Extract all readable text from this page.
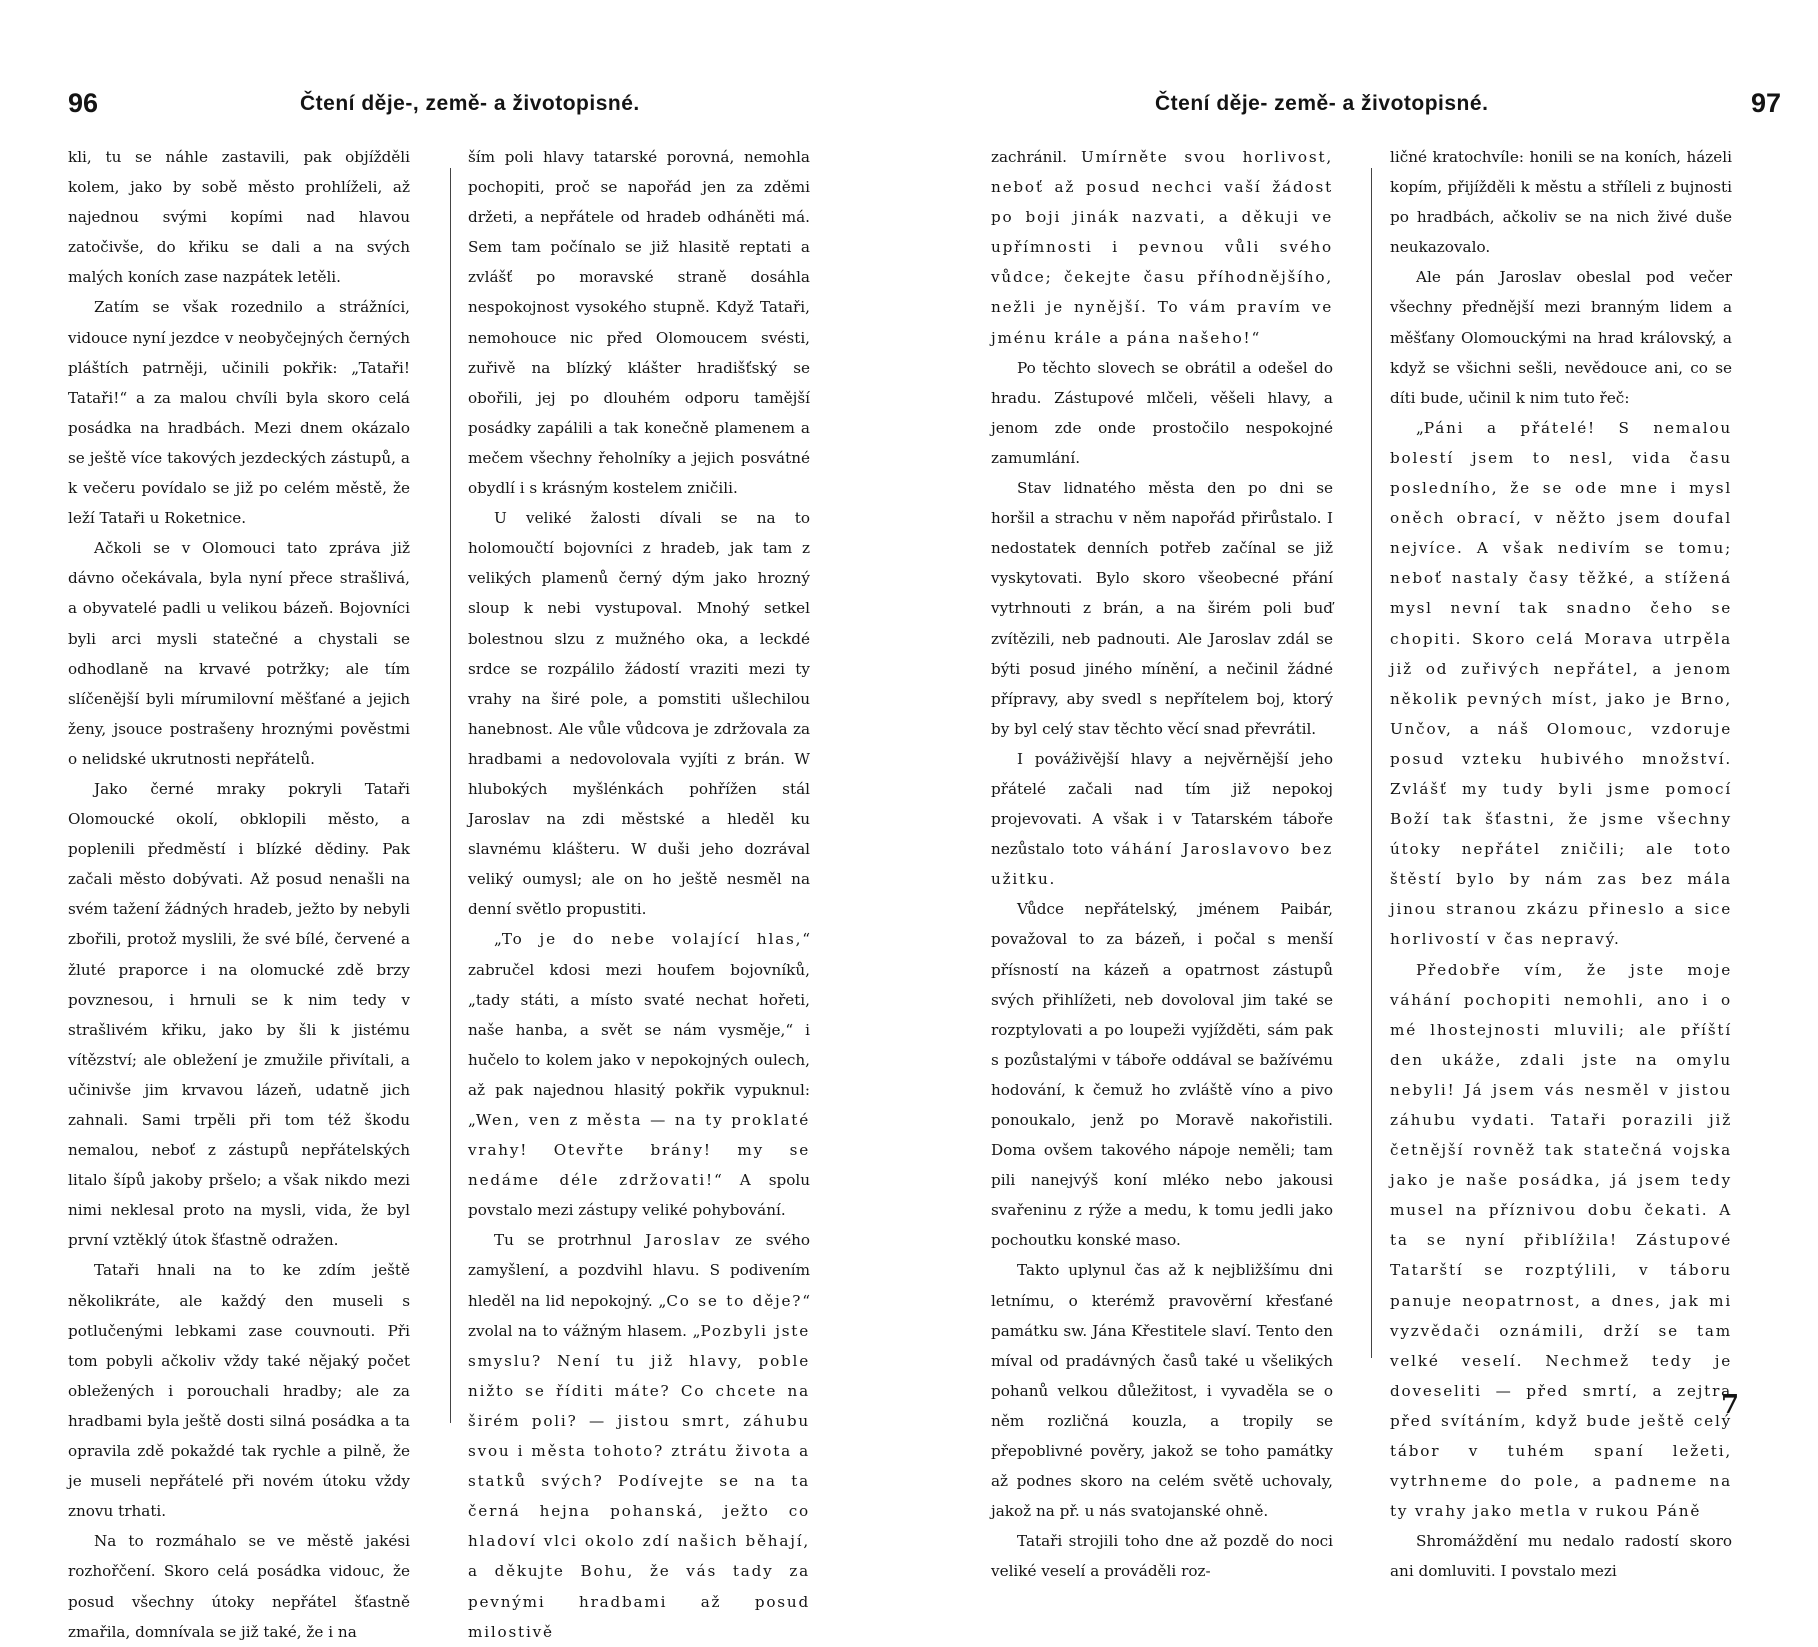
96	Čtení děje-, země- a životopisné.

kli, tu se náhle zastavili, pak objížděli kolem, jako by sobě město prohlíželi, až najednou svými kopími nad hlavou zatočivše, do křiku se dali a na svých malých koních zase nazpátek letěli.

Zatím se však rozednilo a strážníci, vidouce nyní jezdce v neobyčejných černých pláštích patrněji, učinili pokřik: „Tataři! Tataři!“ a za malou chvíli byla skoro celá posádka na hradbách. Mezi dnem okázalo se ještě více takových jezdeckých zástupů, a k večeru povídalo se již po celém městě, že leží Tataři u Roketnice.

Ačkoli se v Olomouci tato zpráva již dávno očekávala, byla nyní přece strašlivá, a obyvatelé padli u velikou bázeň. Bojovníci byli arci mysli statečné a chystali se odhodlaně na krvavé potržky; ale tím slíčenější byli mírumilovní měšťané a jejich ženy, jsouce postrašeny hroznými pověstmi o nelidské ukrutnosti nepřátelů.

Jako černé mraky pokryli Tataři Olomoucké okolí, obklopili město, a poplenili předměstí i blízké dědiny. Pak začali město dobývati. Až posud nenašli na svém tažení žádných hradeb, ježto by nebyli zbořili, protož myslili, že své bílé, červené a žluté praporce i na olomucké zdě brzy povznesou, i hrnuli se k nim tedy v strašlivém křiku, jako by šli k jistému vítězství; ale obležení je zmužile přivítali, a učinivše jim krvavou lázeň, udatně jich zahnali. Sami trpěli při tom též škodu nemalou, neboť z zástupů nepřátelských litalo šípů jakoby pršelo; a však nikdo mezi nimi neklesal proto na mysli, vida, že byl první vztěklý útok šťastně odražen.

Tataři hnali na to ke zdím ještě několikráte, ale každý den museli s potlučenými lebkami zase couvnouti. Při tom pobyli ačkoliv vždy také nějaký počet obležených i porouchali hradby; ale za hradbami byla ještě dosti silná posádka a ta opravila zdě pokaždé tak rychle a pilně, že je museli nepřátelé při novém útoku vždy znovu trhati.

Na to rozmáhalo se ve městě jakési rozhořčení. Skoro celá posádka vidouc, že posud všechny útoky nepřátel šťastně zmařila, domnívala se již také, že i na

ším poli hlavy tatarské porovná, nemohla pochopiti, proč se napořád jen za zděmi držeti, a nepřátele od hradeb odháněti má. Sem tam počínalo se již hlasitě reptati a zvlášť po moravské straně dosáhla nespokojnost vysokého stupně. Když Tataři, nemohouce nic před Olomoucem svésti, zuřivě na blízký klášter hradišťský se obořili, jej po dlouhém odporu tamější posádky zapálili a tak konečně plamenem a mečem všechny řeholníky a jejich posvátné obydlí i s krásným kostelem zničili.

U veliké žalosti dívali se na to holomoučtí bojovníci z hradeb, jak tam z velikých plamenů černý dým jako hrozný sloup k nebi vystupoval. Mnohý setkel bolestnou slzu z mužného oka, a leckdé srdce se rozpálilo žádostí vraziti mezi ty vrahy na širé pole, a pomstiti ušlechilou hanebnost. Ale vůle vůdcova je zdržovala za hradbami a nedovolovala vyjíti z brán. W hlubokých myšlénkách pohřížen stál Jaroslav na zdi městské a hleděl ku slavnému klášteru. W duši jeho dozrával veliký oumysl; ale on ho ještě nesměl na denní světlo propustiti.

„To je do nebe volající hlas,“ zabručel kdosi mezi houfem bojovníků, „tady státi, a místo svaté nechat hořeti, naše hanba, a svět se nám vysměje,“ i hučelo to kolem jako v nepokojných oulech, až pak najednou hlasitý pokřik vypuknul: „Wen, ven z města — na ty proklaté vrahy! Otevřte brány! my se nedáme déle zdržovati!“ A spolu povstalo mezi zástupy veliké pohybování.

Tu se protrhnul Jaroslav ze svého zamyšlení, a pozdvihl hlavu. S podivením hleděl na lid nepokojný. „Co se to děje?“ zvolal na to vážným hlasem. „Pozbyli jste smyslu? Není tu již hlavy, poble nižto se říditi máte? Co chcete na širém poli? — jistou smrt, záhubu svou i města tohoto? ztrátu života a statků svých? Podívejte se na ta černá hejna pohanská, ježto co hladoví vlci okolo zdí našich běhají, a děkujte Bohu, že vás tady za pevnými hradbami až posud milostivě

Čtení děje- země- a životopisné.	97

zachránil. Umírněte svou horlivost, neboť až posud nechci vaší žádost po boji jinák nazvati, a děkuji ve upřímnosti i pevnou vůli svého vůdce; čekejte času příhodnějšího, nežli je nynější. To vám pravím ve jménu krále a pána našeho!“

Po těchto slovech se obrátil a odešel do hradu. Zástupové mlčeli, věšeli hlavy, a jenom zde onde prostočilo nespokojné zamumlání.

Stav lidnatého města den po dni se horšil a strachu v něm napořád přirůstalo. I nedostatek denních potřeb začínal se již vyskytovati. Bylo skoro všeobecné přání vytrhnouti z brán, a na širém poli buď zvítězili, neb padnouti. Ale Jaroslav zdál se býti posud jiného mínění, a nečinil žádné přípravy, aby svedl s nepřítelem boj, ktorý by byl celý stav těchto věcí snad převrátil.

I pováživější hlavy a nejvěrnější jeho přátelé začali nad tím již nepokoj projevovati. A však i v Tatarském táboře nezůstalo toto váhání Jaroslavovo bez užitku.

Vůdce nepřátelský, jménem Paibár, považoval to za bázeň, i počal s menší přísností na kázeň a opatrnost zástupů svých přihlížeti, neb dovoloval jim také se rozptylovati a po loupeži vyjížděti, sám pak s pozůstalými v táboře oddával se bažívému hodování, k čemuž ho zvláště víno a pivo ponoukalo, jenž po Moravě nakořistili. Doma ovšem takového nápoje neměli; tam pili nanejvýš koní mléko nebo jakousi svařeninu z rýže a medu, k tomu jedli jako pochoutku konské maso.

Takto uplynul čas až k nejbližšímu dni letnímu, o kterémž pravověrní křesťané památku sw. Jána Křestitele slaví. Tento den míval od pradávných časů také u všelikých pohanů velkou důležitost, i vyvaděla se o něm rozličná kouzla, a tropily se přepoblivné pověry, jakož se toho památky až podnes skoro na celém světě uchovaly, jakož na př. u nás svatojanské ohně.

Tataři strojili toho dne až pozdě do noci veliké veselí a prováděli roz-

ličné kratochvíle: honili se na koních, házeli kopím, přijížděli k městu a stříleli z bujnosti po hradbách, ačkoliv se na nich živé duše neukazovalo.

Ale pán Jaroslav obeslal pod večer všechny přednější mezi branným lidem a měšťany Olomouckými na hrad královský, a když se všichni sešli, nevědouce ani, co se díti bude, učinil k nim tuto řeč:

„Páni a přátelé! S nemalou bolestí jsem to nesl, vida času posledního, že se ode mne i mysl oněch obrací, v něžto jsem doufal nejvíce. A však nedivím se tomu; neboť nastaly časy těžké, a stížená mysl nevní tak snadno čeho se chopiti. Skoro celá Morava utrpěla již od zuřivých nepřátel, a jenom několik pevných míst, jako je Brno, Unčov, a náš Olomouc, vzdoruje posud vzteku hubivého množství. Zvlášť my tudy byli jsme pomocí Boží tak šťastni, že jsme všechny útoky nepřátel zničili; ale toto štěstí bylo by nám zas bez mála jinou stranou zkázu přineslo a sice horlivostí v čas nepravý.

Předobře vím, že jste moje váhání pochopiti nemohli, ano i o mé lhostejnosti mluvili; ale příští den ukáže, zdali jste na omylu nebyli! Já jsem vás nesměl v jistou záhubu vydati. Tataři porazili již četnější rovněž tak statečná vojska jako je naše posádka, já jsem tedy musel na příznivou dobu čekati. A ta se nyní přiblížila! Zástupové Tatarští se rozptýlili, v táboru panuje neopatrnost, a dnes, jak mi vyzvědači oznámili, drží se tam velké veselí. Nechmež tedy je doveseliti — před smrtí, a zejtra před svítáním, když bude ještě celý tábor v tuhém spaní ležeti, vytrhneme do pole, a padneme na ty vrahy jako metla v rukou Páně

Shromáždění mu nedalo radostí skoro ani domluviti. I povstalo mezi

7
